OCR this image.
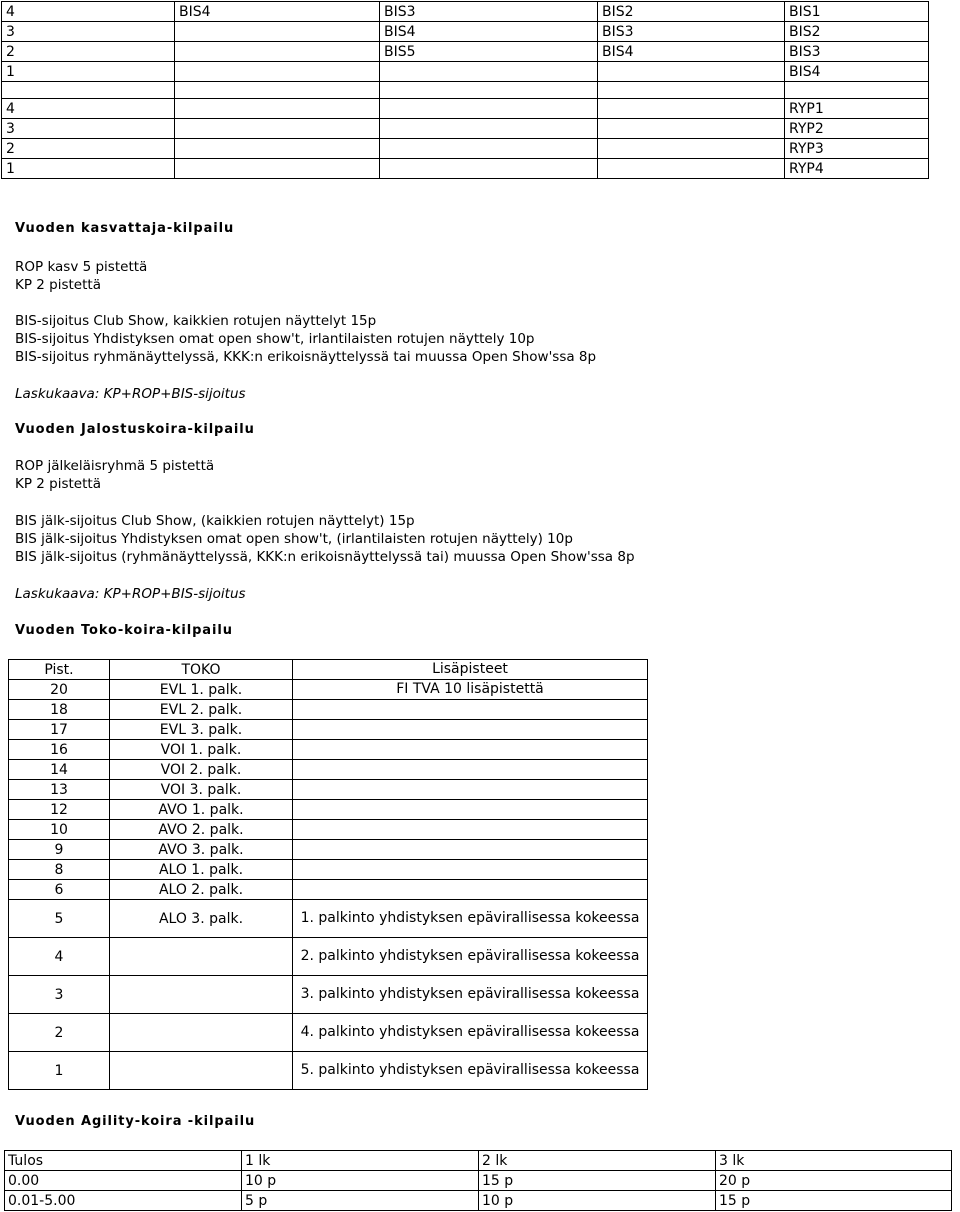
4	BIS4	BIS3	BIS2	BIS1
3		BIS4	BIS3	BIS2
2		BIS5	BIS4	BIS3
1				BIS4

4				RYP1
3				RYP2
2				RYP3
1				RYP4
Vuoden kasvattaja-kilpailu
ROP kasv 5 pistettä
KP 2 pistettä
BIS-sijoitus Club Show, kaikkien rotujen näyttelyt 15p
BIS-sijoitus Yhdistyksen omat open show't, irlantilaisten rotujen näyttely 10p
BIS-sijoitus ryhmänäyttelyssä, KKK:n erikoisnäyttelyssä tai muussa Open Show'ssa 8p
Laskukaava: KP+ROP+BIS-sijoitus
Vuoden Jalostuskoira-kilpailu
ROP jälkeläisryhmä 5 pistettä
KP 2 pistettä
BIS jälk-sijoitus Club Show, (kaikkien rotujen näyttelyt) 15p
BIS jälk-sijoitus Yhdistyksen omat open show't, (irlantilaisten rotujen näyttely) 10p
BIS jälk-sijoitus (ryhmänäyttelyssä, KKK:n erikoisnäyttelyssä tai) muussa Open Show'ssa 8p
Laskukaava: KP+ROP+BIS-sijoitus
Vuoden Toko-koira-kilpailu
Pist.	TOKO	Lisäpisteet
20	EVL 1. palk.	FI TVA 10 lisäpistettä
18	EVL 2. palk.	
17	EVL 3. palk.	
16	VOI 1. palk.	
14	VOI 2. palk.	
13	VOI 3. palk.	
12	AVO 1. palk.	
10	AVO 2. palk.	
9	AVO 3. palk.	
8	ALO 1. palk.	
6	ALO 2. palk.	
5	ALO 3. palk.	1. palkinto yhdistyksen epävirallisessa kokeessa
4		2. palkinto yhdistyksen epävirallisessa kokeessa
3		3. palkinto yhdistyksen epävirallisessa kokeessa
2		4. palkinto yhdistyksen epävirallisessa kokeessa
1		5. palkinto yhdistyksen epävirallisessa kokeessa
Vuoden Agility-koira -kilpailu
Tulos	1 lk	2 lk	3 lk
0.00	10 p	15 p	20 p
0.01-5.00	5 p	10 p	15 p
